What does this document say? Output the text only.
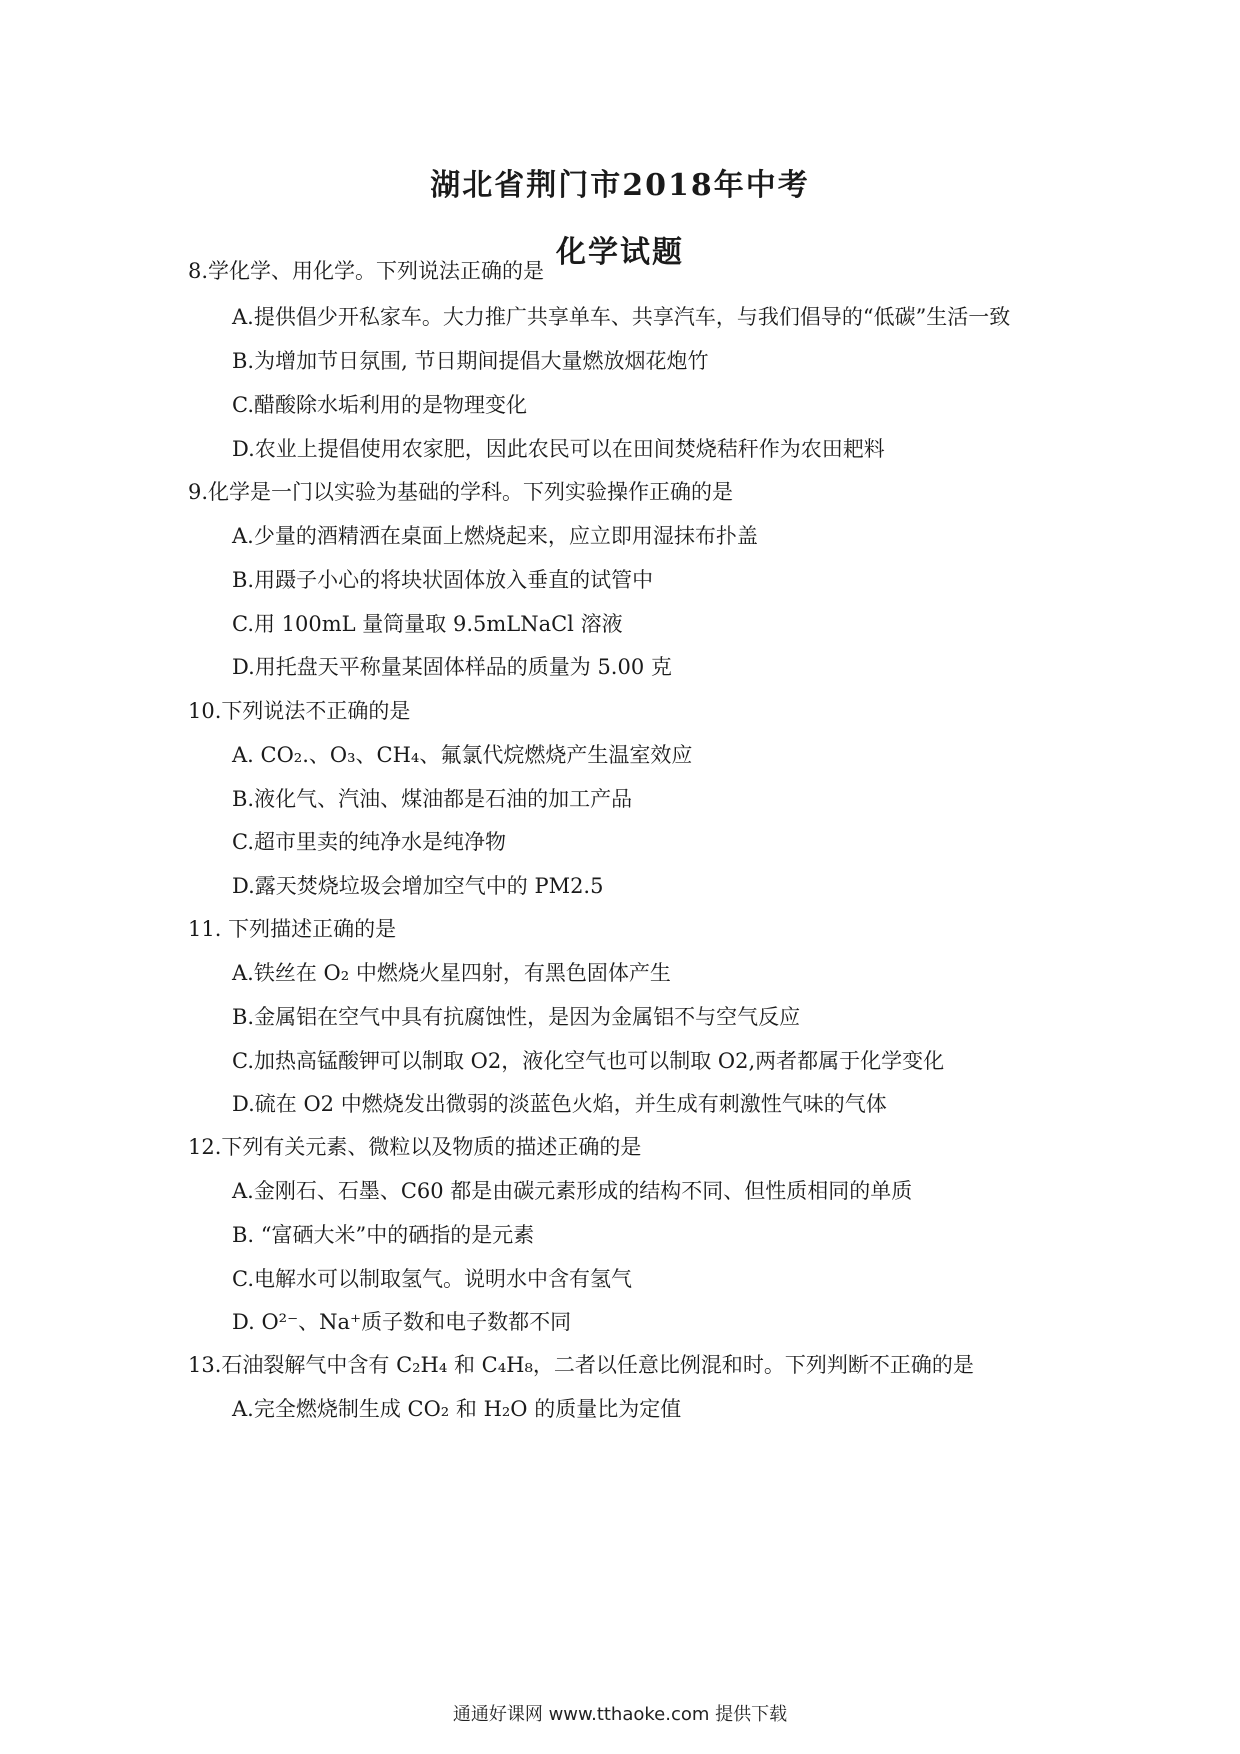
湖北省荆门市2018年中考
化学试题
8.学化学、用化学。下列说法正确的是
A.提供倡少开私家车。大力推广共享单车、共享汽车，与我们倡导的“低碳”生活一致
B.为增加节日氛围, 节日期间提倡大量燃放烟花炮竹
C.醋酸除水垢利用的是物理变化
D.农业上提倡使用农家肥，因此农民可以在田间焚烧秸秆作为农田耙料
9.化学是一门以实验为基础的学科。下列实验操作正确的是
A.少量的酒精洒在桌面上燃烧起来，应立即用湿抹布扑盖
B.用蹑子小心的将块状固体放入垂直的试管中
C.用 100mL 量筒量取 9.5mLNaCl 溶液
D.用托盘天平称量某固体样品的质量为 5.00 克
10.下列说法不正确的是
A. CO₂.、O₃、CH₄、氟氯代烷燃烧产生温室效应
B.液化气、汽油、煤油都是石油的加工产品
C.超市里卖的纯净水是纯净物
D.露天焚烧垃圾会增加空气中的 PM2.5
11. 下列描述正确的是
A.铁丝在 O₂ 中燃烧火星四射，有黑色固体产生
B.金属铝在空气中具有抗腐蚀性，是因为金属铝不与空气反应
C.加热高锰酸钾可以制取 O2，液化空气也可以制取 O2,两者都属于化学变化
D.硫在 O2 中燃烧发出微弱的淡蓝色火焰，并生成有刺激性气味的气体
12.下列有关元素、微粒以及物质的描述正确的是
A.金刚石、石墨、C60 都是由碳元素形成的结构不同、但性质相同的单质
B. “富硒大米”中的硒指的是元素
C.电解水可以制取氢气。说明水中含有氢气
D. O²⁻、Na⁺质子数和电子数都不同
13.石油裂解气中含有 C₂H₄ 和 C₄H₈，二者以任意比例混和时。下列判断不正确的是
A.完全燃烧制生成 CO₂ 和 H₂O 的质量比为定值
通通好课网 www.tthaoke.com 提供下载
